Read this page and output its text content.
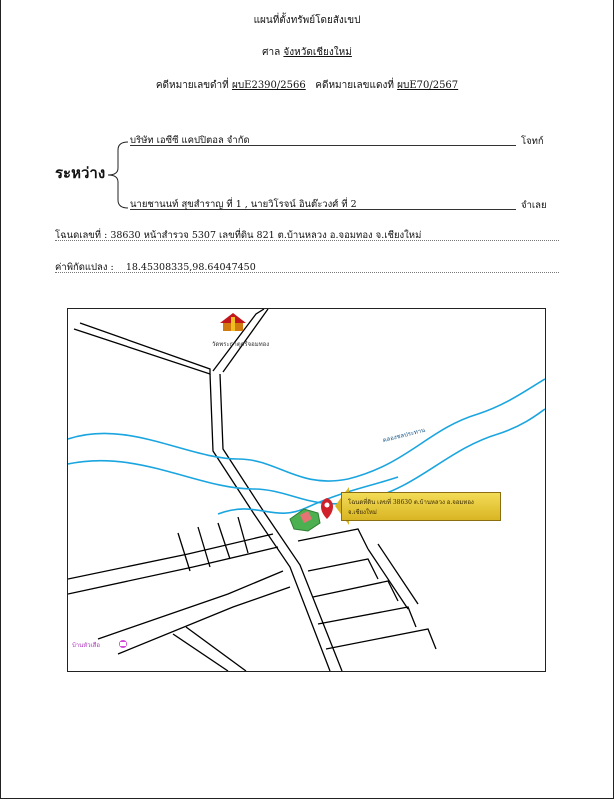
แผนที่ตั้งทรัพย์โดยสังเขป
ศาล จังหวัดเชียงใหม่
คดีหมายเลขดำที่ ผบE2390/2566 คดีหมายเลขแดงที่ ผบE70/2567
ระหว่าง
บริษัท เอซีซี แคปปิตอล จำกัด	โจทก์
นายชานนท์ สุขสำราญ ที่ 1 , นายวิโรจน์ อินต๊ะวงศ์ ที่ 2	จำเลย
โฉนดเลขที่ : 38630 หน้าสำรวจ 5307 เลขที่ดิน 821 ต.บ้านหลวง อ.จอมทอง จ.เชียงใหม่
ค่าพิกัดแปลง : 18.45308335,98.64047450
โฉนดที่ดิน เลขที่ 38630 ต.บ้านหลวง อ.จอมทอง จ.เชียงใหม่
วัดพระธาตุศรีจอมทอง
บ้านหัวเสือ
คลองชลประทาน
